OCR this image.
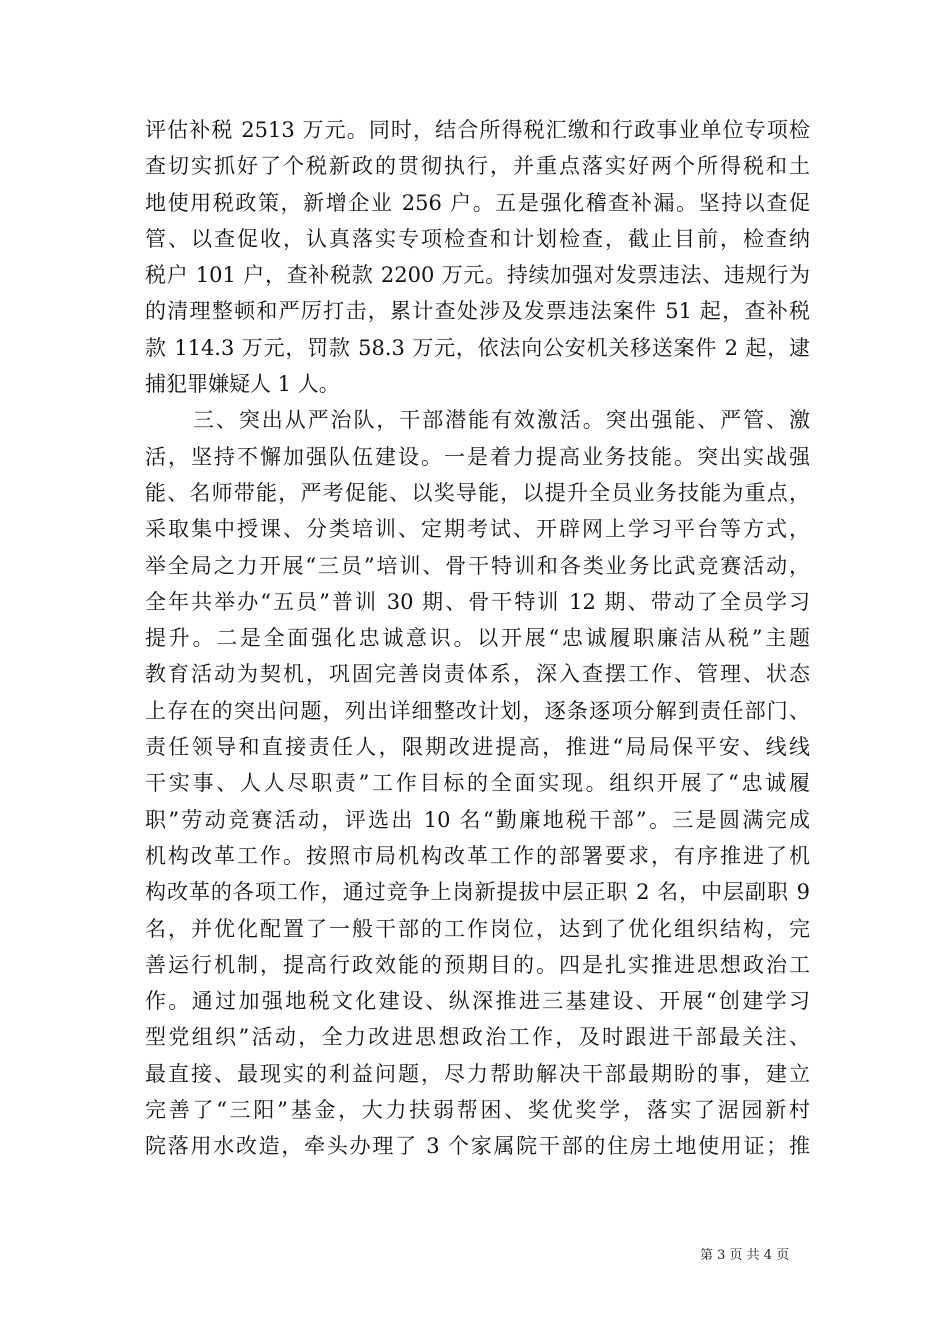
评估补税 2513 万元。同时，结合所得税汇缴和行政事业单位专项检
查切实抓好了个税新政的贯彻执行，并重点落实好两个所得税和土
地使用税政策，新增企业 256 户。五是强化稽查补漏。坚持以查促
管、以查促收，认真落实专项检查和计划检查，截止目前，检查纳
税户 101 户，查补税款 2200 万元。持续加强对发票违法、违规行为
的清理整顿和严厉打击，累计查处涉及发票违法案件 51 起，查补税
款 114.3 万元，罚款 58.3 万元，依法向公安机关移送案件 2 起，逮
捕犯罪嫌疑人 1 人。
三、突出从严治队，干部潜能有效激活。突出强能、严管、激
活，坚持不懈加强队伍建设。一是着力提高业务技能。突出实战强
能、名师带能，严考促能、以奖导能，以提升全员业务技能为重点，
采取集中授课、分类培训、定期考试、开辟网上学习平台等方式，
举全局之力开展“三员”培训、骨干特训和各类业务比武竞赛活动，
全年共举办“五员”普训 30 期、骨干特训 12 期、带动了全员学习
提升。二是全面强化忠诚意识。以开展“忠诚履职廉洁从税”主题
教育活动为契机，巩固完善岗责体系，深入查摆工作、管理、状态
上存在的突出问题，列出详细整改计划，逐条逐项分解到责任部门、
责任领导和直接责任人，限期改进提高，推进“局局保平安、线线
干实事、人人尽职责”工作目标的全面实现。组织开展了“忠诚履
职”劳动竞赛活动，评选出 10 名“勤廉地税干部”。三是圆满完成
机构改革工作。按照市局机构改革工作的部署要求，有序推进了机
构改革的各项工作，通过竞争上岗新提拔中层正职 2 名，中层副职 9
名，并优化配置了一般干部的工作岗位，达到了优化组织结构，完
善运行机制，提高行政效能的预期目的。四是扎实推进思想政治工
作。通过加强地税文化建设、纵深推进三基建设、开展“创建学习
型党组织”活动，全力改进思想政治工作，及时跟进干部最关注、
最直接、最现实的利益问题，尽力帮助解决干部最期盼的事，建立
完善了“三阳”基金，大力扶弱帮困、奖优奖学，落实了涺园新村
院落用水改造，牵头办理了 3 个家属院干部的住房土地使用证；推
第 3 页 共 4 页
